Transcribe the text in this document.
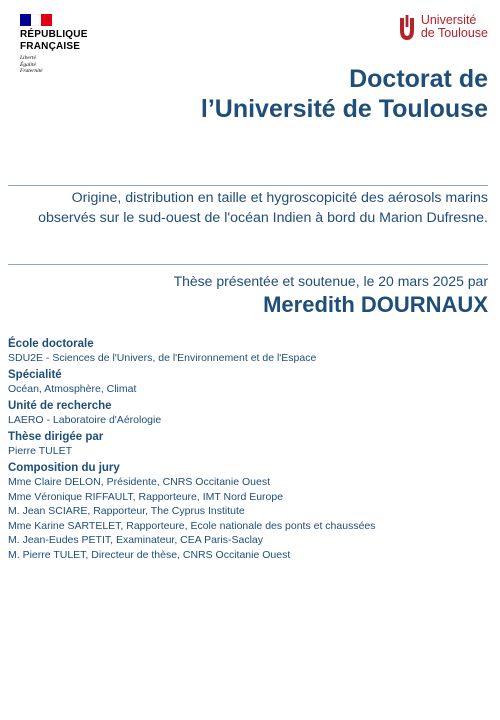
RÉPUBLIQUE
FRANÇAISE
Liberté
Égalité
Fraternité
Université
de Toulouse
Doctorat de
l’Université de Toulouse
Origine, distribution en taille et hygroscopicité des aérosols marins observés sur le sud-ouest de l'océan Indien à bord du Marion Dufresne.
Thèse présentée et soutenue, le 20 mars 2025 par
Meredith DOURNAUX
École doctorale
SDU2E - Sciences de l'Univers, de l'Environnement et de l'Espace
Spécialité
Océan, Atmosphère, Climat
Unité de recherche
LAERO - Laboratoire d'Aérologie
Thèse dirigée par
Pierre TULET
Composition du jury
Mme Claire DELON, Présidente, CNRS Occitanie Ouest
Mme Véronique RIFFAULT, Rapporteure, IMT Nord Europe
M. Jean SCIARE, Rapporteur, The Cyprus Institute
Mme Karine SARTELET, Rapporteure, Ecole nationale des ponts et chaussées
M. Jean-Eudes PETIT, Examinateur, CEA Paris-Saclay
M. Pierre TULET, Directeur de thèse, CNRS Occitanie Ouest
